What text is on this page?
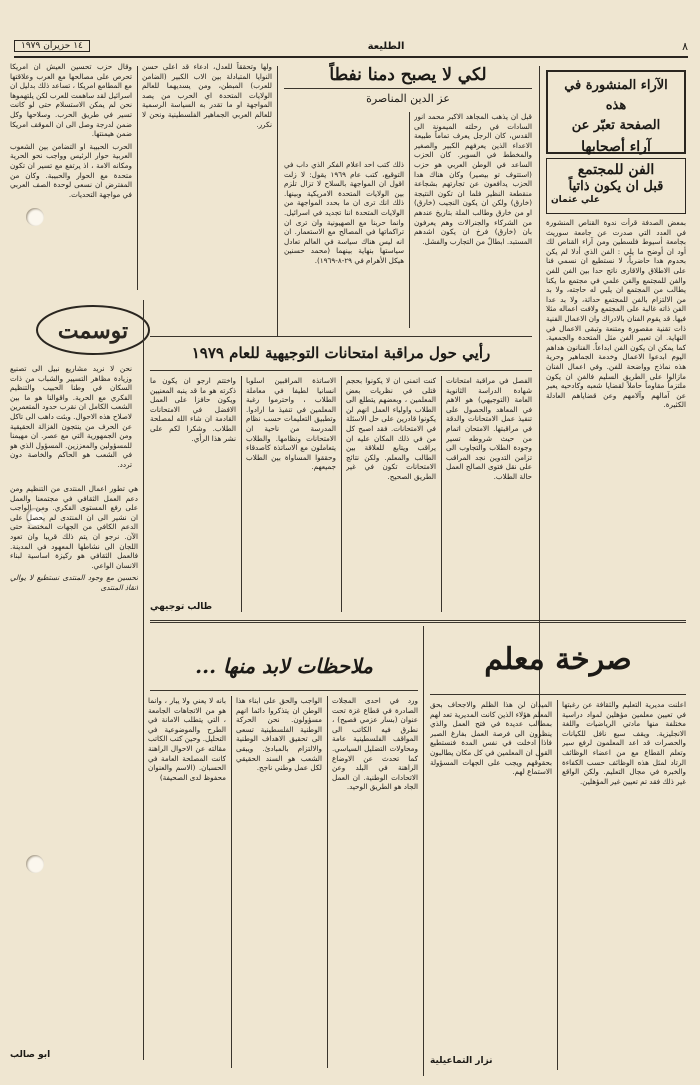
٨
الطليعة
١٤ حزيران ١٩٧٩
الآراء المنشورة في هذه
الصفحة تعبّر عن
آراء أصحابها
الفن للمجتمع
قبل ان يكون ذاتياً
علي عثمان

بمعض الصدفة قرأت ندوة القناص المنشورة في العدد التي صدرت عن جامعة سوريث بجامعة أسيوط فلسطين ومن آراء القناص لك أود ان أوضح ما يلي : الفن الذي أدلا لم يكن بحدوم هدا حاضرياً، لا نستطيع ان نسمي فنا على الاطلاق والاقارى ناتج حدا بين الفن للفن والفن للمجتمع والفن علمي في مجتمع ما يكنا يطالب من المجتمع ان يلبي له حاجته، ولا بد من الالتزام بالفن للمجتمع حداثة، ولا بد عدا الفن ذاته غالبة على المجتمع ولافت اعماله مثلا فيها. قد يقوم الفنان بالادراك وان الاعمال الفنية ذات تقنية مقصورة ومتنعة وتبقى الاعمال في النهاية. ان تعبير الفن مثل المتحدة والجمعية. كما يمكن ان يكون الفن ابداعاً. الفنانون هداهم اليوم ابدعوا الاعمال وخدمة الجماهير وحرية هذه نماذج وواضحة للفن. وفي اعمال الفنان مازالوا على الطريق السليم فالفن ان يكون ملتزماً مقاوماً حاملاً لقضايا شعبه وكادحيه يعبر عن آمالهم وآلامهم وعن قضاياهم العادلة الكثيرة.

لكي لا يصبح دمنا نفطاً
عز الدين المناصرة

قبل ان يذهب المجاهد الاكبر محمد انور السادات في رحلته الميمونة الى القدس، كان الرجل يعرف تماماً طبيعة الاعداء الذين يعرفهم الكبير والصغير والمخطط في السوبر. كان الحزب الساعد في الوطن العربي هو حزب (استتوف تو بيصير) وكان هناك هدا الحزب يدافعون عن تجارتهم بشجاعة منقطعة النظير فلما ان تكون النتيجة (خارق) ولكن ان يكون النجيب (خارق) او من خارق وطالب الملة بتاريخ عندهم من الشركاء والجنرالات وهم يعرفون بان (خارق) فرخ ان يكون اشدهم المستبد. ابطالٌ من التجارب والفشل.

ذلك كتب احد اعلام الفكر الذي داب في التوقيع، كتب عام ١٩٦٩ يقول: لا زلت اقول ان المواجهة بالسلاح لا تزال تلزم بين الولايات المتحدة الامريكية وبينها. ذلك انك ترى ان ما بحدد المواجهة من الولايات المتحدة اننا تجديد في اسرائيل. وانما حربنا مع الصهيونية وان ترى ان تراكماتها في المصالح مع الاستعمار. ان انه ليس هناك سياسة في العالم تعادل سياستها بنهاية بينهما (محمد حسنين هيكل الأهرام في ٢٩-٨-١٩٦٩).

ولها وتحققاً للعدل، ادعاء قد اعلى حسن النوايا المتبادلة بين الاب الكبير (الضامن للعرب) المبطن، ومن يسديهما للعالم الولايات المتحدة اي الحرب من يصد المواجهة او ما تقدر به السياسة الرسمية للعالم العربي الجماهير الفلسطينية ونحن لا نكرر.

وقال حزب تحسين العيش ان امريكا تحرص على مصالحها مع العرب وعلاقتها مع المطامع امريكا ، تساعد ذلك بدليل ان اسرائيل لقد ساهمت للعرب لكن يلتهموها نحن لم يمكن الاستسلام حتى لو كانت تسير في طريق الحرب. وسلاحها وكل ضمن لدرجة وصل الى ان الموقف امريكا ضمن هيمنتها.

الحرب الحبيبة او التضامن بين الشعوب العربية حوار الرئيس وواجب نحو الحرية ومكانه الامة ، اذ يرتفع مع تسير ان تكون متحدة مع الحوار والحبيبة. وكان من المفترض ان نسعى لوحدة الصف العربي في مواجهة التحديات.

توسمت

نحن لا نريد مشاريع نبيل الى تصنيع وزيادة مظاهر التسيير والشباب من ذات السكان في وطنا الحبيب والتنظيم الفكري مع الحرية. واقوالنا هو ما بين الشعب الكامل ان نقرب حدود المتعمرين لاصلاح هذه الاحوال. وبئت داهب الى تاكل عن الحرف من ينتجون الغزالة الحقيقية ومن الجمهورية التي مع عصر. ان مهيمنا للمسؤولين والمعززين. المسؤول الذي هو في الشعب هو الحاكم والخاصة دون تردد.

رأيي حول مراقبة امتحانات التوجيهية للعام ١٩٧٩

الفصل في مراقبة امتحانات شهادة الدراسة الثانوية العامة (التوجيهي) هو الاهم في المعاهد والحصول على تنفيذ عمل الامتحانات والدقة في مراقبتها. الامتحان اتمام من حيث شروطه تسير وجودة الطلاب والتجاوب الى تزامن التدوين نجد المراقب على نقل فتوى الصالح العمل حالة الطلاب.

كنت اتمنى ان لا يكونوا بحجم قتلى في نظريات بعض المعلمين ، وبعضهم يتطلع الى الطلاب واولياء العمل انهم لن يكونوا قادرين على حل الاسئلة في الامتحانات. فقد اصبح كل من في ذلك المكان عليه ان يراقب ويتابع للعلاقة بين الطالب والمعلم. ولكن نتائج الامتحانات تكون في غير الطريق الصحيح.

الاساتذة المراقبين اسلوبا انسانيا لطيفا في معاملة الطلاب ، واحترموا رغبة المعلمين في تنفيذ ما ارادوا. وتطبيق التعليمات حسب نظام المدرسة من ناحية ان الامتحانات ونظامها. والطلاب يتعاملون مع الاساتذة كاصدقاء وحققوا المساواة بين الطلاب جميعهم.

واختتم ارجو ان يكون ما ذكرته هو ما قد ينبه المعنيين ويكون حافزا على العمل الافضل في الامتحانات القادمة ان شاء الله لمصلحة الطلاب. وشكرا لكم على نشر هذا الرأي.

طالب توجيهي

هي تطور اعمال المنتدى من التنظيم ومن دعم العمل الثقافي في مجتمعنا والعمل على رفع المستوى الفكري. ومن الواجب ان نشير الى ان المنتدى لم يحصل على الدعم الكافي من الجهات المختصة حتى الآن. نرجو ان يتم ذلك قريبا وان تعود اللجان الى نشاطها المعهود في المدينة. فالعمل الثقافي هو ركيزة اساسية لبناء الانسان الواعي.

تحسين مع وجود المنتدى نستطيع لا يوالي انقاذ المنتدى

ابو صالب
صرخة معلم

اعلنت مديرية التعليم والثقافة عن رغبتها في تعيين معلمين مؤهلين لمواد دراسية مختلفة منها مادتي الرياضيات واللغة الانجليزية. ويقف سبع نافل للكيانات والحصرات قد اعد المعلمون لرفع سير وتعلم القطاع مع من اعضاء الوظائف الرتاد لمثل هذه الوظائف حسب الكفاءة والخبرة في مجال التعليم. ولكن الواقع غير ذلك فقد تم تعيين غير المؤهلين.

الميدان لن هذا الظلم والاجحاف بحق المعلم هؤلاء الذين كانت المديرية تعد لهم بمطالب عديدة في فتح العمل والذي ينظرون الى فرصة العمل بفارغ الصبر فاذا ادخلت في نفس المدة فنستطيع القول ان المعلمين في كل مكان يطالبون بحقوقهم ويجب على الجهات المسؤولة الاستماع لهم.

نزار التماعيلية
ملاحظات لابد منها ...

ورد في احدى المجلات الصادرة في قطاع غزة تحت عنوان (بسار عزمي فصيح) ، نطرق فيه الكاتب الى المواقف الفلسطينية عامة ومحاولات التضليل السياسي. كما تحدث عن الاوضاع الراهنة في البلد وعن الاتحادات الوطنية. ان العمل الجاد هو الطريق الوحيد.

الواجب والحق على ابناء هذا الوطن ان يتذكروا دائما انهم مسؤولون. نحن الحركة الوطنية الفلسطينية تسعى الى تحقيق الاهداف الوطنية والالتزام بالمبادئ. ويبقى الشعب هو السند الحقيقي لكل عمل وطني ناجح.

بانه لا يعني ولا يبار ، وانما هو من الاتجاهات الجامعة ، التي يتطلب الامانة في الطرح والموضوعية في التحليل. وحين كتب الكاتب مقالته عن الاحوال الراهنة كانت المصلحة العامة في الحسبان. (الاسم والعنوان محفوظ لدى الصحيفة)
